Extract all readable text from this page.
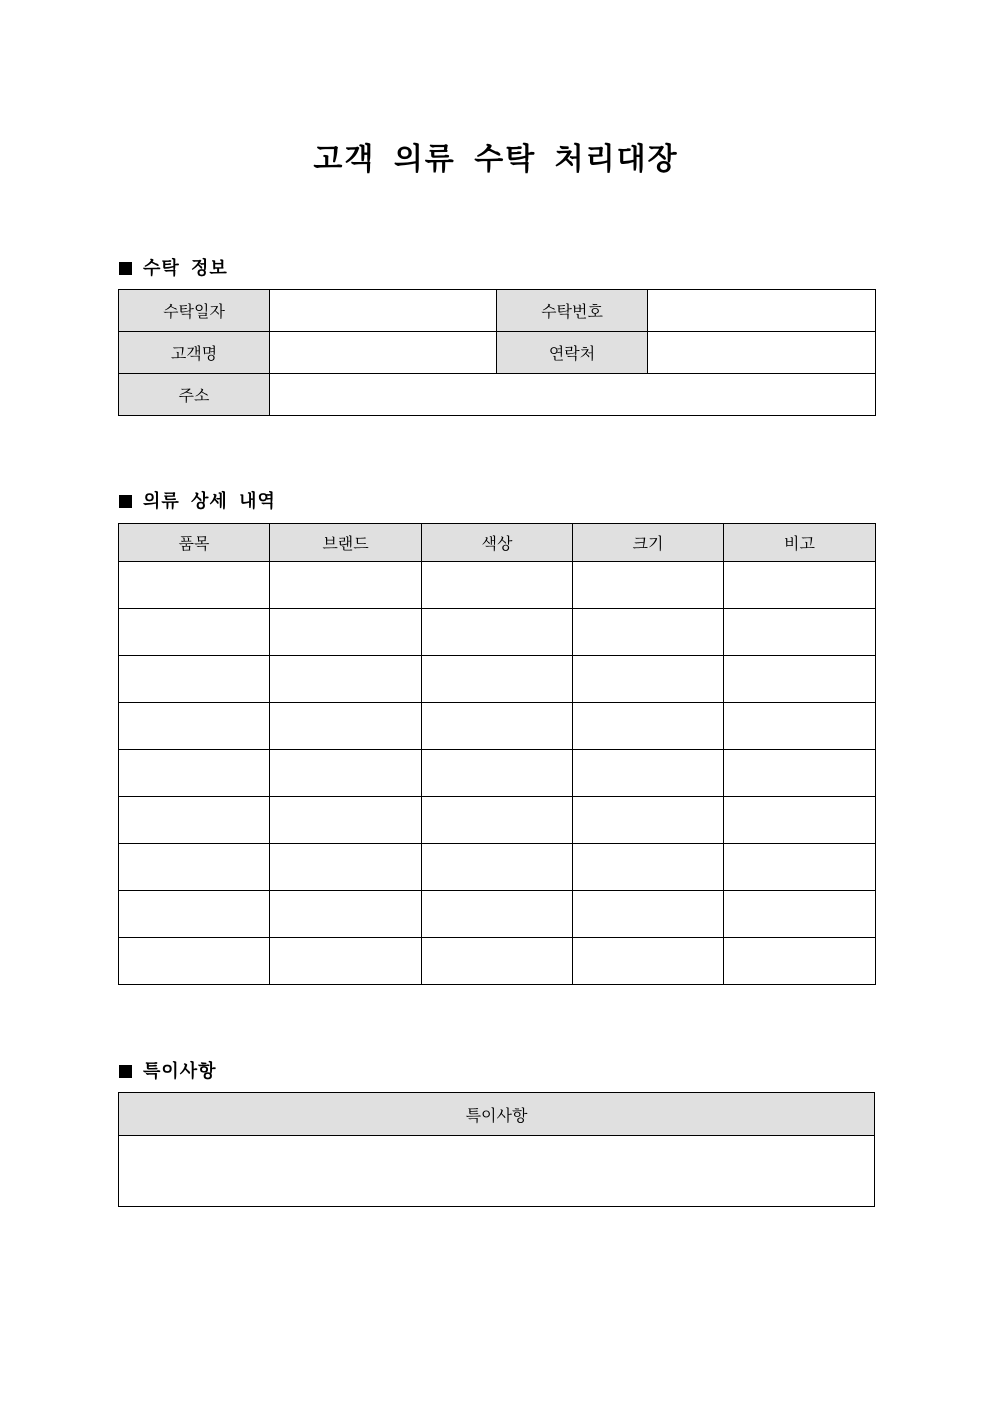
고객 의류 수탁 처리대장
수탁 정보
수탁일자		수탁번호	
고객명		연락처	
주소			
의류 상세 내역
품목	브랜드	색상	크기	비고

특이사항
특이사항
